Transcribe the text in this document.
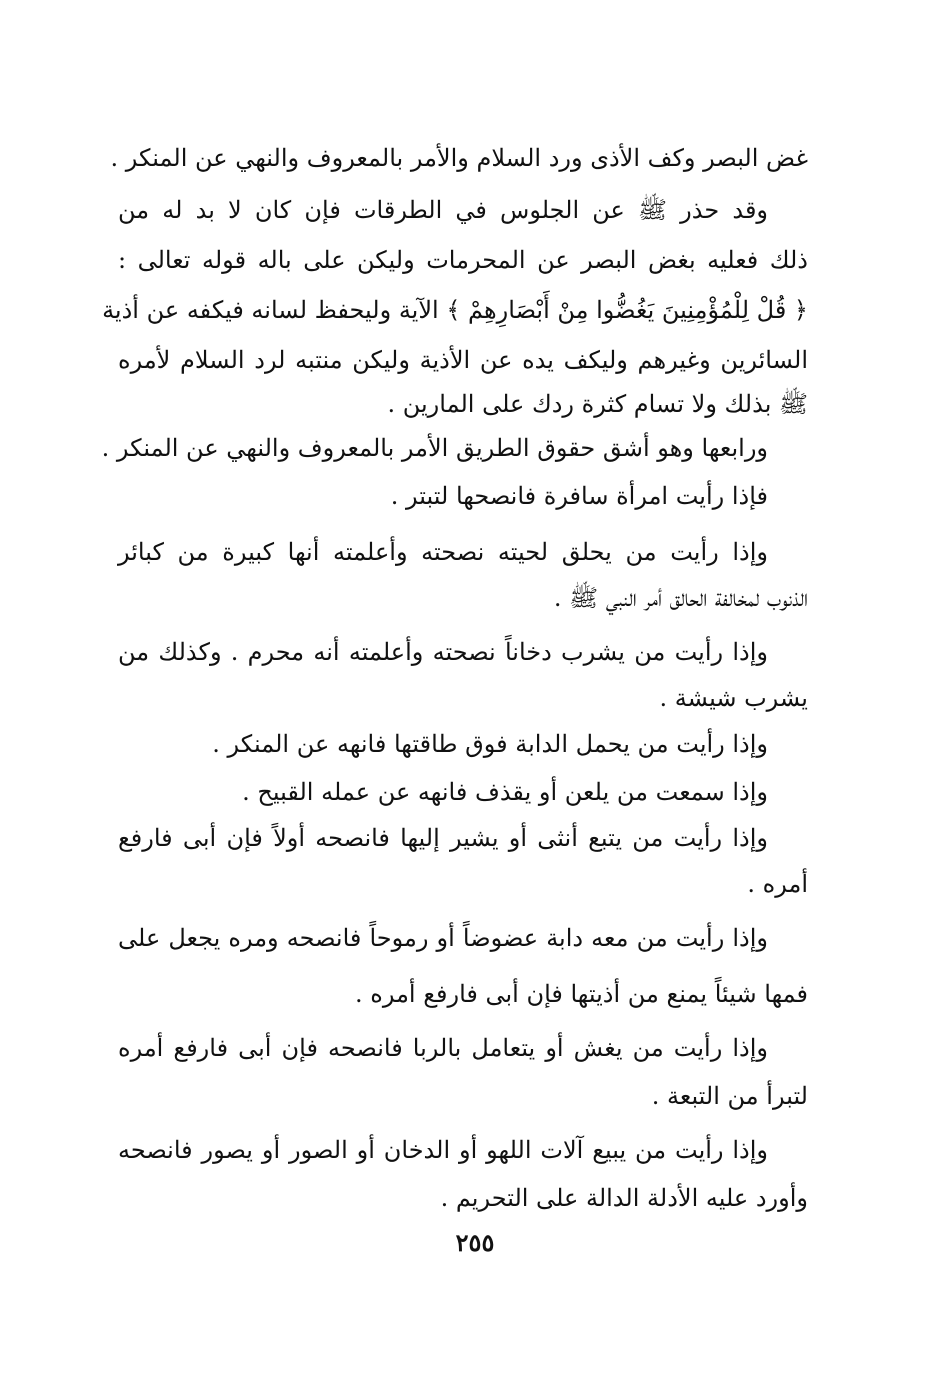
غض البصر وكف الأذى ورد السلام والأمر بالمعروف والنهي عن المنكر .
وقد حذر ﷺ عن الجلوس في الطرقات فإن كان لا بد له من
ذلك فعليه بغض البصر عن المحرمات وليكن على باله قوله تعالى :
﴿ قُلْ لِلْمُؤْمِنِينَ يَغُضُّوا مِنْ أَبْصَارِهِمْ ﴾ الآية وليحفظ لسانه فيكفه عن أذية
السائرين وغيرهم وليكف يده عن الأذية وليكن منتبه لرد السلام لأمره
ﷺ بذلك ولا تسام كثرة ردك على المارين .
ورابعها وهو أشق حقوق الطريق الأمر بالمعروف والنهي عن المنكر .
فإذا رأيت امرأة سافرة فانصحها لتبتر .
وإذا رأيت من يحلق لحيته نصحته وأعلمته أنها كبيرة من كبائر
الذنوب لمخالفة الحالق أمر النبي ﷺ .
وإذا رأيت من يشرب دخاناً نصحته وأعلمته أنه محرم . وكذلك من
يشرب شيشة .
وإذا رأيت من يحمل الدابة فوق طاقتها فانهه عن المنكر .
وإذا سمعت من يلعن أو يقذف فانهه عن عمله القبيح .
وإذا رأيت من يتبع أنثى أو يشير إليها فانصحه أولاً فإن أبى فارفع
أمره .
وإذا رأيت من معه دابة عضوضاً أو رموحاً فانصحه ومره يجعل على
فمها شيئاً يمنع من أذيتها فإن أبى فارفع أمره .
وإذا رأيت من يغش أو يتعامل بالربا فانصحه فإن أبى فارفع أمره
لتبرأ من التبعة .
وإذا رأيت من يبيع آلات اللهو أو الدخان أو الصور أو يصور فانصحه
وأورد عليه الأدلة الدالة على التحريم .
٢٥٥
